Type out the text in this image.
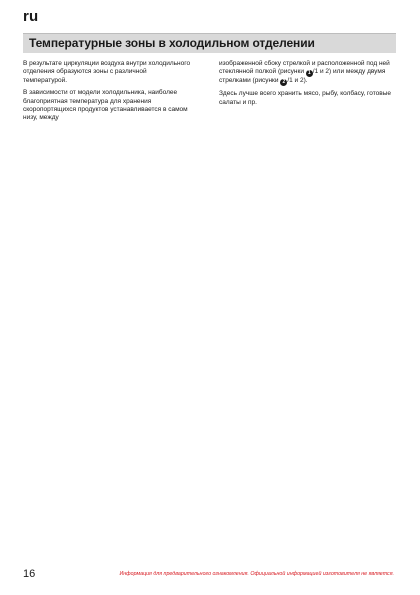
ru
Температурные зоны в холодильном отделении

В результате циркуляции воздуха внутри холодильного отделения образуются зоны с различной температурой.

В зависимости от модели холодильника, наиболее благоприятная температура для хранения скоропортящихся продуктов устанавливается в самом низу, между

изображенной сбоку стрелкой и расположенной под ней стеклянной полкой (рисунки 1 /1 и 2) или между двумя стрелками (рисунки 2 /1 и 2).

Здесь лучше всего хранить мясо, рыбу, колбасу, готовые салаты и пр.

16	Информация для предварительного ознакомления. Официальной информацией изготовителя не является.
